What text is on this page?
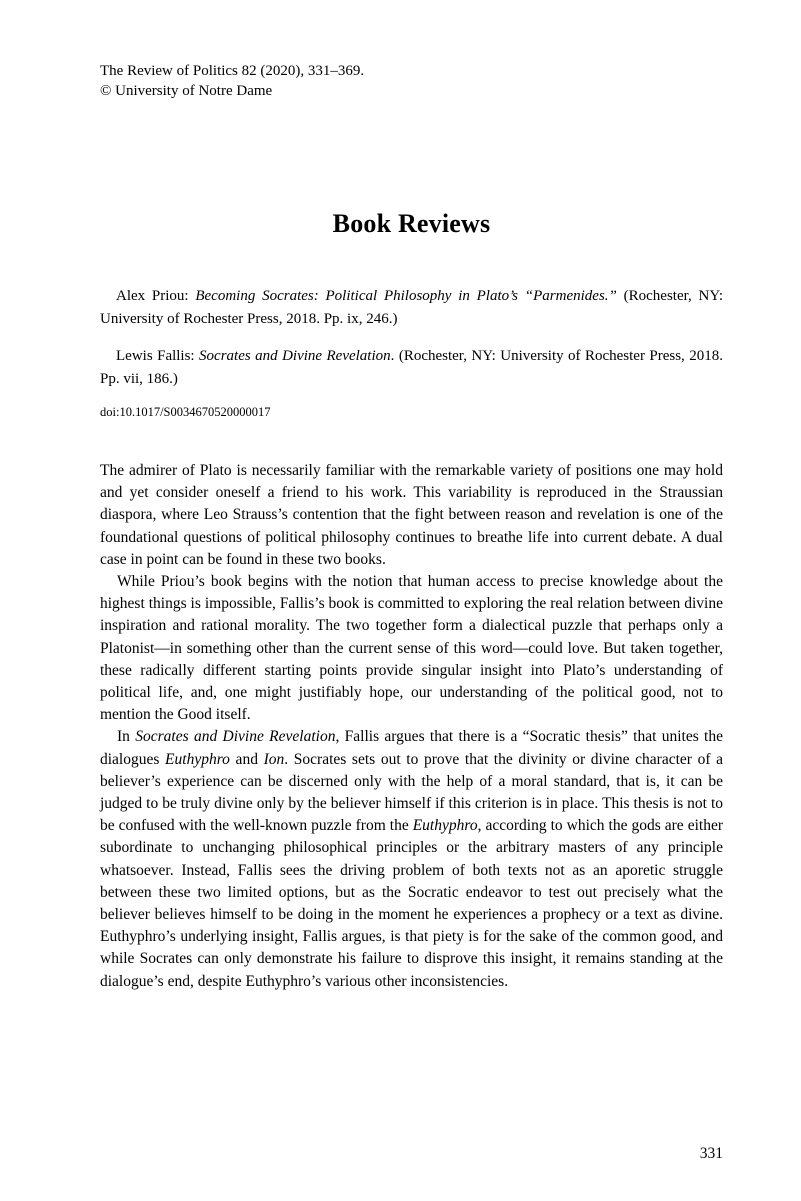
The Review of Politics 82 (2020), 331–369.
© University of Notre Dame
Book Reviews
Alex Priou: Becoming Socrates: Political Philosophy in Plato’s “Parmenides.” (Rochester, NY: University of Rochester Press, 2018. Pp. ix, 246.)
Lewis Fallis: Socrates and Divine Revelation. (Rochester, NY: University of Rochester Press, 2018. Pp. vii, 186.)
doi:10.1017/S0034670520000017

The admirer of Plato is necessarily familiar with the remarkable variety of positions one may hold and yet consider oneself a friend to his work. This variability is reproduced in the Straussian diaspora, where Leo Strauss’s contention that the fight between reason and revelation is one of the foundational questions of political philosophy continues to breathe life into current debate. A dual case in point can be found in these two books.

While Priou’s book begins with the notion that human access to precise knowledge about the highest things is impossible, Fallis’s book is committed to exploring the real relation between divine inspiration and rational morality. The two together form a dialectical puzzle that perhaps only a Platonist—in something other than the current sense of this word—could love. But taken together, these radically different starting points provide singular insight into Plato’s understanding of political life, and, one might justifiably hope, our understanding of the political good, not to mention the Good itself.

In Socrates and Divine Revelation, Fallis argues that there is a “Socratic thesis” that unites the dialogues Euthyphro and Ion. Socrates sets out to prove that the divinity or divine character of a believer’s experience can be discerned only with the help of a moral standard, that is, it can be judged to be truly divine only by the believer himself if this criterion is in place. This thesis is not to be confused with the well-known puzzle from the Euthyphro, according to which the gods are either subordinate to unchanging philosophical principles or the arbitrary masters of any principle whatsoever. Instead, Fallis sees the driving problem of both texts not as an aporetic struggle between these two limited options, but as the Socratic endeavor to test out precisely what the believer believes himself to be doing in the moment he experiences a prophecy or a text as divine. Euthyphro’s underlying insight, Fallis argues, is that piety is for the sake of the common good, and while Socrates can only demonstrate his failure to disprove this insight, it remains standing at the dialogue’s end, despite Euthyphro’s various other inconsistencies.

331
